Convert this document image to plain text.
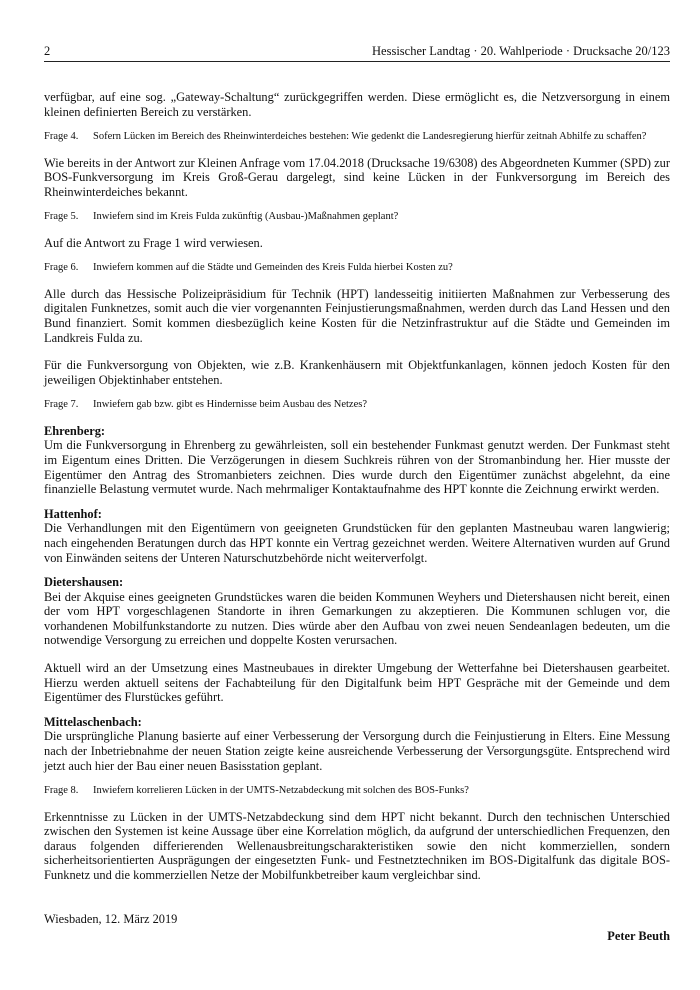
2	Hessischer Landtag · 20. Wahlperiode · Drucksache 20/123

verfügbar, auf eine sog. „Gateway-Schaltung“ zurückgegriffen werden. Diese ermöglicht es, die Netzversorgung in einem kleinen definierten Bereich zu verstärken.

Frage 4.	Sofern Lücken im Bereich des Rheinwinterdeiches bestehen: Wie gedenkt die Landesregierung hierfür zeitnah Abhilfe zu schaffen?

Wie bereits in der Antwort zur Kleinen Anfrage vom 17.04.2018 (Drucksache 19/6308) des Abgeordneten Kummer (SPD) zur BOS-Funkversorgung im Kreis Groß-Gerau dargelegt, sind keine Lücken in der Funkversorgung im Bereich des Rheinwinterdeiches bekannt.

Frage 5.	Inwiefern sind im Kreis Fulda zukünftig (Ausbau-)Maßnahmen geplant?

Auf die Antwort zu Frage 1 wird verwiesen.

Frage 6.	Inwiefern kommen auf die Städte und Gemeinden des Kreis Fulda hierbei Kosten zu?

Alle durch das Hessische Polizeipräsidium für Technik (HPT) landesseitig initiierten Maßnahmen zur Verbesserung des digitalen Funknetzes, somit auch die vier vorgenannten Feinjustierungsmaßnahmen, werden durch das Land Hessen und den Bund finanziert. Somit kommen diesbezüglich keine Kosten für die Netzinfrastruktur auf die Städte und Gemeinden im Landkreis Fulda zu.

Für die Funkversorgung von Objekten, wie z.B. Krankenhäusern mit Objektfunkanlagen, können jedoch Kosten für den jeweiligen Objektinhaber entstehen.

Frage 7.	Inwiefern gab bzw. gibt es Hindernisse beim Ausbau des Netzes?
Ehrenberg:

Um die Funkversorgung in Ehrenberg zu gewährleisten, soll ein bestehender Funkmast genutzt werden. Der Funkmast steht im Eigentum eines Dritten. Die Verzögerungen in diesem Suchkreis rühren von der Stromanbindung her. Hier musste der Eigentümer den Antrag des Stromanbieters zeichnen. Dies wurde durch den Eigentümer zunächst abgelehnt, da eine finanzielle Belastung vermutet wurde. Nach mehrmaliger Kontaktaufnahme des HPT konnte die Zeichnung erwirkt werden.

Hattenhof:

Die Verhandlungen mit den Eigentümern von geeigneten Grundstücken für den geplanten Mastneubau waren langwierig; nach eingehenden Beratungen durch das HPT konnte ein Vertrag gezeichnet werden. Weitere Alternativen wurden auf Grund von Einwänden seitens der Unteren Naturschutzbehörde nicht weiterverfolgt.

Dietershausen:

Bei der Akquise eines geeigneten Grundstückes waren die beiden Kommunen Weyhers und Dietershausen nicht bereit, einen der vom HPT vorgeschlagenen Standorte in ihren Gemarkungen zu akzeptieren. Die Kommunen schlugen vor, die vorhandenen Mobilfunkstandorte zu nutzen. Dies würde aber den Aufbau von zwei neuen Sendeanlagen bedeuten, um die notwendige Versorgung zu erreichen und doppelte Kosten verursachen.

Aktuell wird an der Umsetzung eines Mastneubaues in direkter Umgebung der Wetterfahne bei Dietershausen gearbeitet. Hierzu werden aktuell seitens der Fachabteilung für den Digitalfunk beim HPT Gespräche mit der Gemeinde und dem Eigentümer des Flurstückes geführt.

Mittelaschenbach:

Die ursprüngliche Planung basierte auf einer Verbesserung der Versorgung durch die Feinjustierung in Elters. Eine Messung nach der Inbetriebnahme der neuen Station zeigte keine ausreichende Verbesserung der Versorgungsgüte. Entsprechend wird jetzt auch hier der Bau einer neuen Basisstation geplant.

Frage 8.	Inwiefern korrelieren Lücken in der UMTS-Netzabdeckung mit solchen des BOS-Funks?

Erkenntnisse zu Lücken in der UMTS-Netzabdeckung sind dem HPT nicht bekannt. Durch den technischen Unterschied zwischen den Systemen ist keine Aussage über eine Korrelation möglich, da aufgrund der unterschiedlichen Frequenzen, den daraus folgenden differierenden Wellenausbreitungscharakteristiken sowie den nicht kommerziellen, sondern sicherheitsorientierten Ausprägungen der eingesetzten Funk- und Festnetztechniken im BOS-Digitalfunk das digitale BOS-Funknetz und die kommerziellen Netze der Mobilfunkbetreiber kaum vergleichbar sind.

Wiesbaden, 12. März 2019
Peter Beuth
